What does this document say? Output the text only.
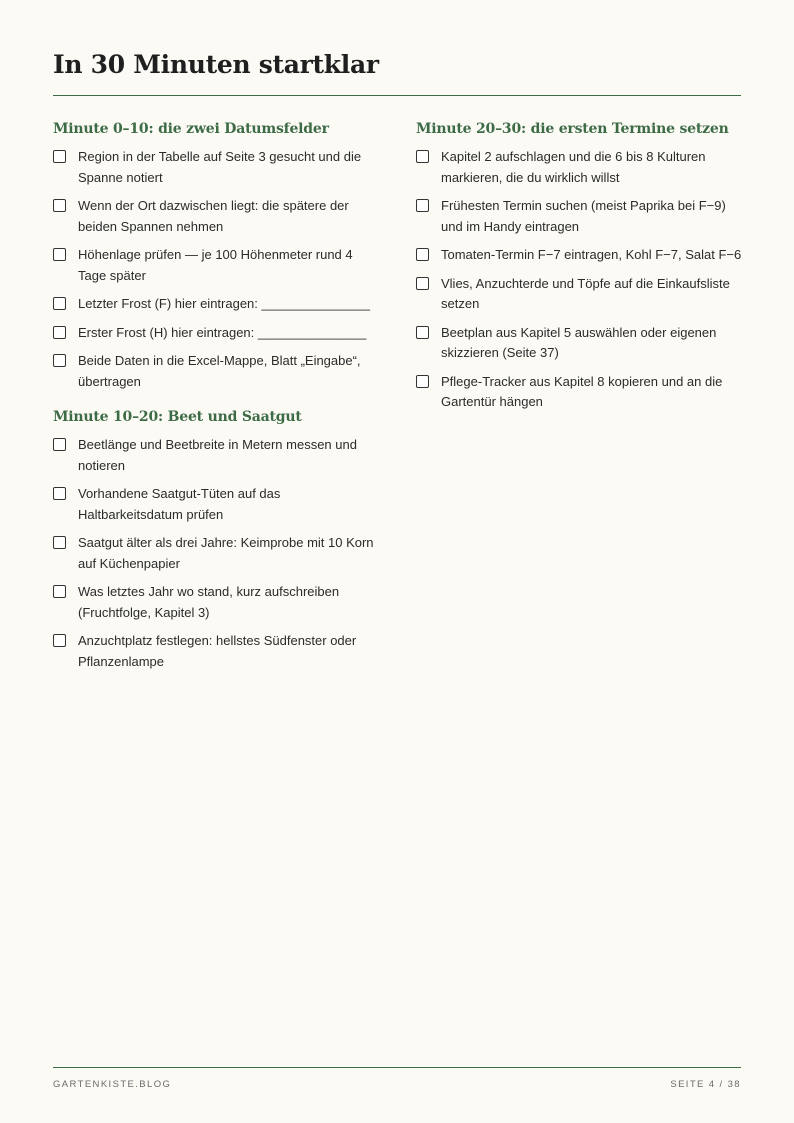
In 30 Minuten startklar
Minute 0–10: die zwei Datumsfelder
Region in der Tabelle auf Seite 3 gesucht und die Spanne notiert
Wenn der Ort dazwischen liegt: die spätere der beiden Spannen nehmen
Höhenlage prüfen — je 100 Höhenmeter rund 4 Tage später
Letzter Frost (F) hier eintragen: _______________
Erster Frost (H) hier eintragen: _______________
Beide Daten in die Excel-Mappe, Blatt „Eingabe“, übertragen
Minute 10–20: Beet und Saatgut
Beetlänge und Beetbreite in Metern messen und notieren
Vorhandene Saatgut-Tüten auf das Haltbarkeitsdatum prüfen
Saatgut älter als drei Jahre: Keimprobe mit 10 Korn auf Küchenpapier
Was letztes Jahr wo stand, kurz aufschreiben (Fruchtfolge, Kapitel 3)
Anzuchtplatz festlegen: hellstes Südfenster oder Pflanzenlampe
Minute 20–30: die ersten Termine setzen
Kapitel 2 aufschlagen und die 6 bis 8 Kulturen markieren, die du wirklich willst
Frühesten Termin suchen (meist Paprika bei F−9) und im Handy eintragen
Tomaten-Termin F−7 eintragen, Kohl F−7, Salat F−6
Vlies, Anzuchterde und Töpfe auf die Einkaufsliste setzen
Beetplan aus Kapitel 5 auswählen oder eigenen skizzieren (Seite 37)
Pflege-Tracker aus Kapitel 8 kopieren und an die Gartentür hängen
GARTENKISTE.BLOG	SEITE 4 / 38
